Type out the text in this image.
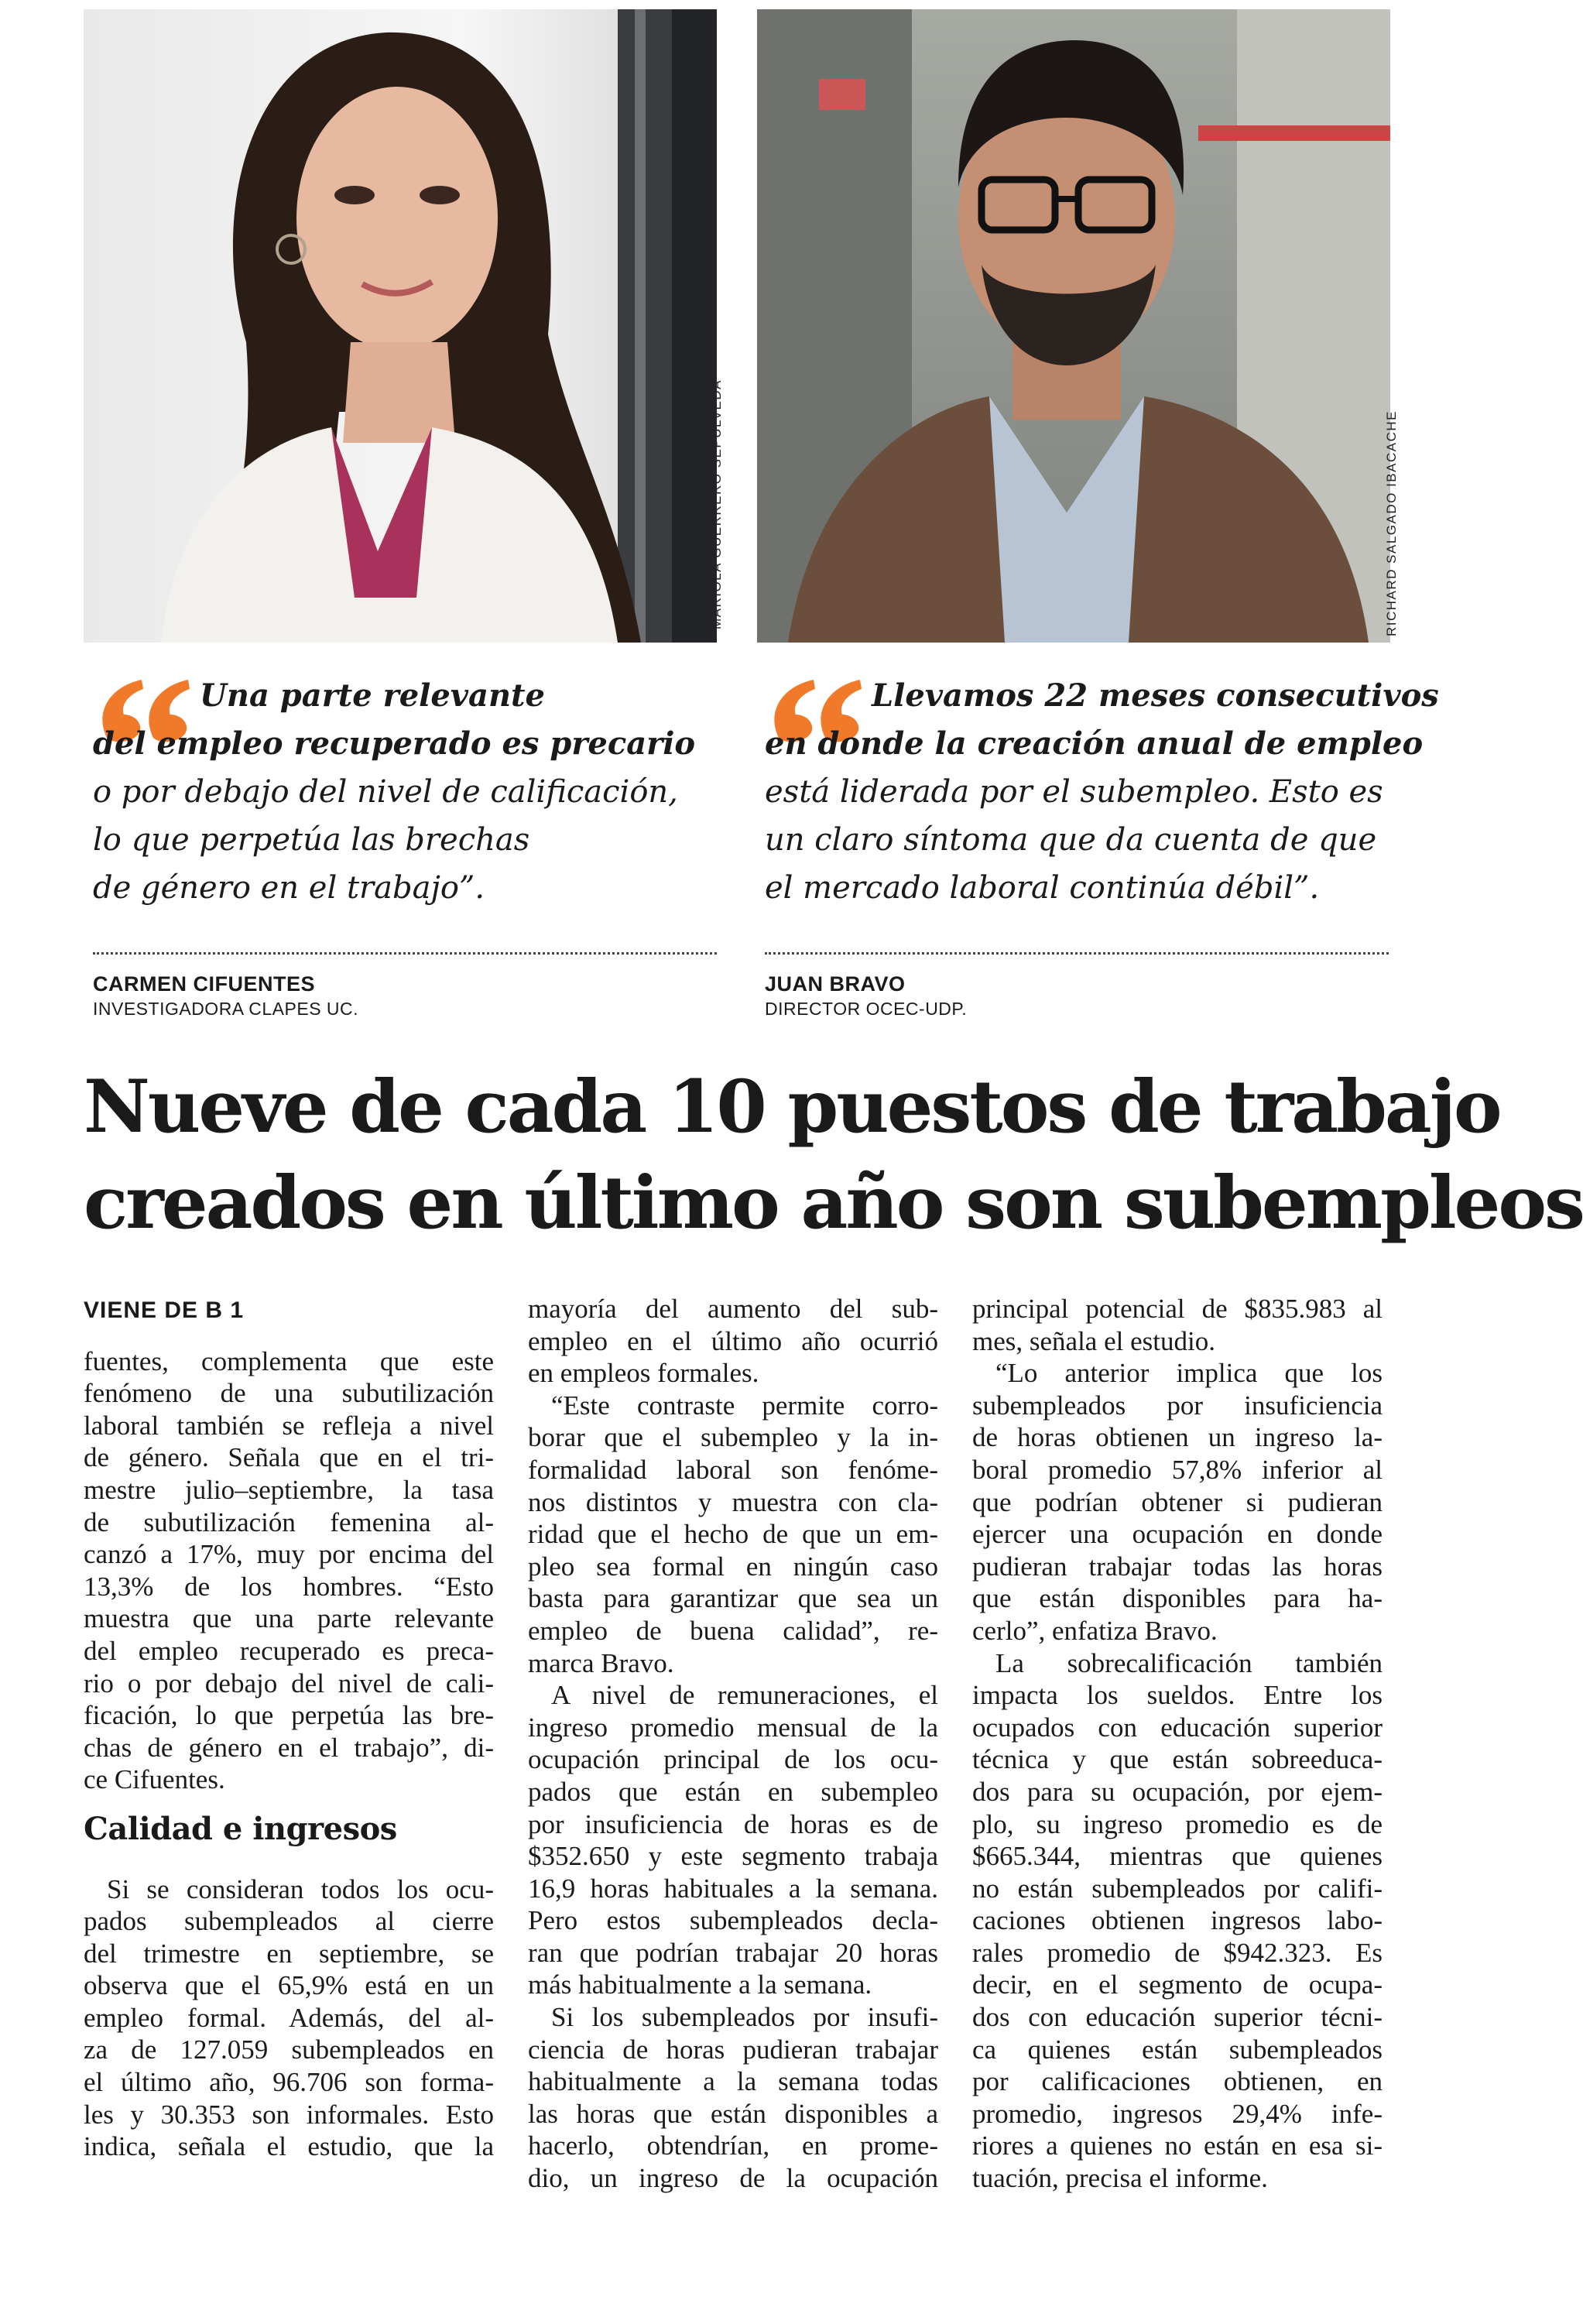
MARIOLA GUERRERO SEPÚLVEDA	RICHARD SALGADO IBACACHE
Una parte relevante
del empleo recuperado es precario
o por debajo del nivel de calificación,
lo que perpetúa las brechas
de género en el trabajo”.
CARMEN CIFUENTES
INVESTIGADORA CLAPES UC.
Llevamos 22 meses consecutivos
en donde la creación anual de empleo
está liderada por el subempleo. Esto es
un claro síntoma que da cuenta de que
el mercado laboral continúa débil”.
JUAN BRAVO
DIRECTOR OCEC-UDP.
Nueve de cada 10 puestos de trabajo
creados en último año son subempleos
VIENE DE B 1
fuentes, complementa que este
fenómeno de una subutilización
laboral también se refleja a nivel
de género. Señala que en el tri-
mestre julio–septiembre, la tasa
de subutilización femenina al-
canzó a 17%, muy por encima del
13,3% de los hombres. “Esto
muestra que una parte relevante
del empleo recuperado es preca-
rio o por debajo del nivel de cali-
ficación, lo que perpetúa las bre-
chas de género en el trabajo”, di-
ce Cifuentes.
Calidad e ingresos
Si se consideran todos los ocu-
pados subempleados al cierre
del trimestre en septiembre, se
observa que el 65,9% está en un
empleo formal. Además, del al-
za de 127.059 subempleados en
el último año, 96.706 son forma-
les y 30.353 son informales. Esto
indica, señala el estudio, que la
mayoría del aumento del sub-
empleo en el último año ocurrió
en empleos formales.
“Este contraste permite corro-
borar que el subempleo y la in-
formalidad laboral son fenóme-
nos distintos y muestra con cla-
ridad que el hecho de que un em-
pleo sea formal en ningún caso
basta para garantizar que sea un
empleo de buena calidad”, re-
marca Bravo.
A nivel de remuneraciones, el
ingreso promedio mensual de la
ocupación principal de los ocu-
pados que están en subempleo
por insuficiencia de horas es de
$352.650 y este segmento trabaja
16,9 horas habituales a la semana.
Pero estos subempleados decla-
ran que podrían trabajar 20 horas
más habitualmente a la semana.
Si los subempleados por insufi-
ciencia de horas pudieran trabajar
habitualmente a la semana todas
las horas que están disponibles a
hacerlo, obtendrían, en prome-
dio, un ingreso de la ocupación
principal potencial de $835.983 al
mes, señala el estudio.
“Lo anterior implica que los
subempleados por insuficiencia
de horas obtienen un ingreso la-
boral promedio 57,8% inferior al
que podrían obtener si pudieran
ejercer una ocupación en donde
pudieran trabajar todas las horas
que están disponibles para ha-
cerlo”, enfatiza Bravo.
La sobrecalificación también
impacta los sueldos. Entre los
ocupados con educación superior
técnica y que están sobreeduca-
dos para su ocupación, por ejem-
plo, su ingreso promedio es de
$665.344, mientras que quienes
no están subempleados por califi-
caciones obtienen ingresos labo-
rales promedio de $942.323. Es
decir, en el segmento de ocupa-
dos con educación superior técni-
ca quienes están subempleados
por calificaciones obtienen, en
promedio, ingresos 29,4% infe-
riores a quienes no están en esa si-
tuación, precisa el informe.
